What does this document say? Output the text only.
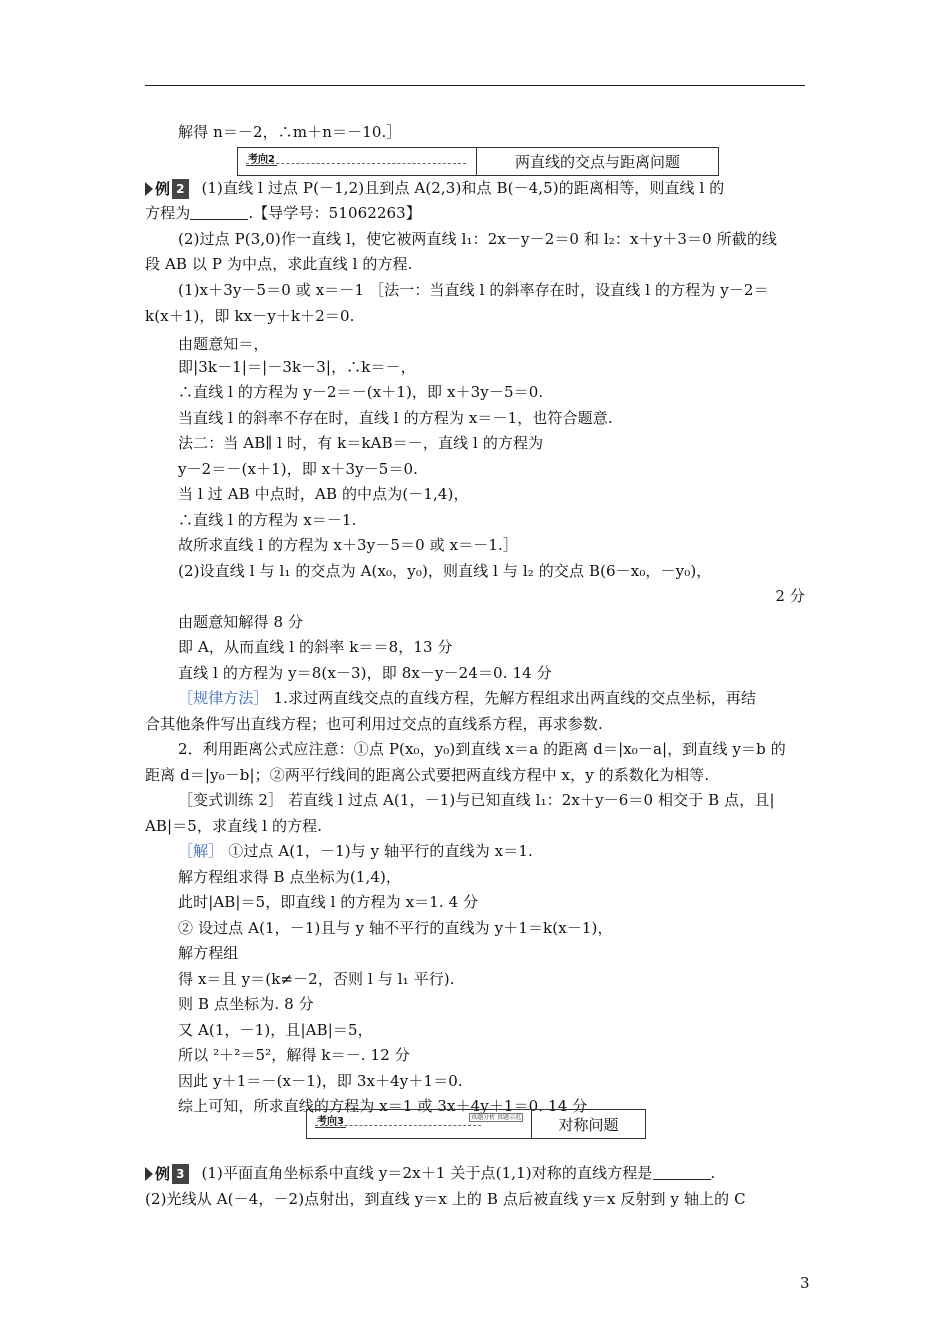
解得 n＝－2，∴m＋n＝－10.］
考向2	两直线的交点与距离问题
例 2 (1)直线 l 过点 P(－1,2)且到点 A(2,3)和点 B(－4,5)的距离相等，则直线 l 的
方程为	.【导学号：51062263】
(2)过点 P(3,0)作一直线 l，使它被两直线 l₁：2x－y－2＝0 和 l₂：x＋y＋3＝0 所截的线
段 AB 以 P 为中点，求此直线 l 的方程.
(1)x＋3y－5＝0 或 x＝－1 ［法一：当直线 l 的斜率存在时，设直线 l 的方程为 y－2＝
k(x＋1)，即 kx－y＋k＋2＝0.
由题意知＝，
即|3k－1|＝|－3k－3|，∴k＝－，
∴直线 l 的方程为 y－2＝－(x＋1)，即 x＋3y－5＝0.
当直线 l 的斜率不存在时，直线 l 的方程为 x＝－1，也符合题意.
法二：当 AB∥ l 时，有 k＝kAB＝－，直线 l 的方程为
y－2＝－(x＋1)，即 x＋3y－5＝0.
当 l 过 AB 中点时，AB 的中点为(－1,4)，
∴直线 l 的方程为 x＝－1.
故所求直线 l 的方程为 x＋3y－5＝0 或 x＝－1.］
(2)设直线 l 与 l₁ 的交点为 A(x₀，y₀)，则直线 l 与 l₂ 的交点 B(6－x₀，－y₀)，
2 分
由题意知解得 8 分
即 A，从而直线 l 的斜率 k＝＝8，13 分
直线 l 的方程为 y＝8(x－3)，即 8x－y－24＝0. 14 分
［规律方法］ 1.求过两直线交点的直线方程，先解方程组求出两直线的交点坐标，再结
合其他条件写出直线方程；也可利用过交点的直线系方程，再求参数.
2．利用距离公式应注意：①点 P(x₀，y₀)到直线 x＝a 的距离 d＝|x₀－a|，到直线 y＝b 的
距离 d＝|y₀－b|；②两平行线间的距离公式要把两直线方程中 x，y 的系数化为相等.
［变式训练 2］ 若直线 l 过点 A(1，－1)与已知直线 l₁：2x＋y－6＝0 相交于 B 点，且|
AB|＝5，求直线 l 的方程.
［解］ ①过点 A(1，－1)与 y 轴平行的直线为 x＝1.
解方程组求得 B 点坐标为(1,4)，
此时|AB|＝5，即直线 l 的方程为 x＝1. 4 分
② 设过点 A(1，－1)且与 y 轴不平行的直线为 y＋1＝k(x－1)，
解方程组
得 x＝且 y＝(k≠－2，否则 l 与 l₁ 平行).
则 B 点坐标为. 8 分
又 A(1，－1)，且|AB|＝5，
所以 ²＋²＝5²，解得 k＝－. 12 分
因此 y＋1＝－(x－1)，即 3x＋4y＋1＝0.
综上可知，所求直线的方程为 x＝1 或 3x＋4y＋1＝0. 14 分
考向3	真题分析 真题示范	对称问题
例 3 (1)平面直角坐标系中直线 y＝2x＋1 关于点(1,1)对称的直线方程是	.
(2)光线从 A(－4，－2)点射出，到直线 y＝x 上的 B 点后被直线 y＝x 反射到 y 轴上的 C
3
